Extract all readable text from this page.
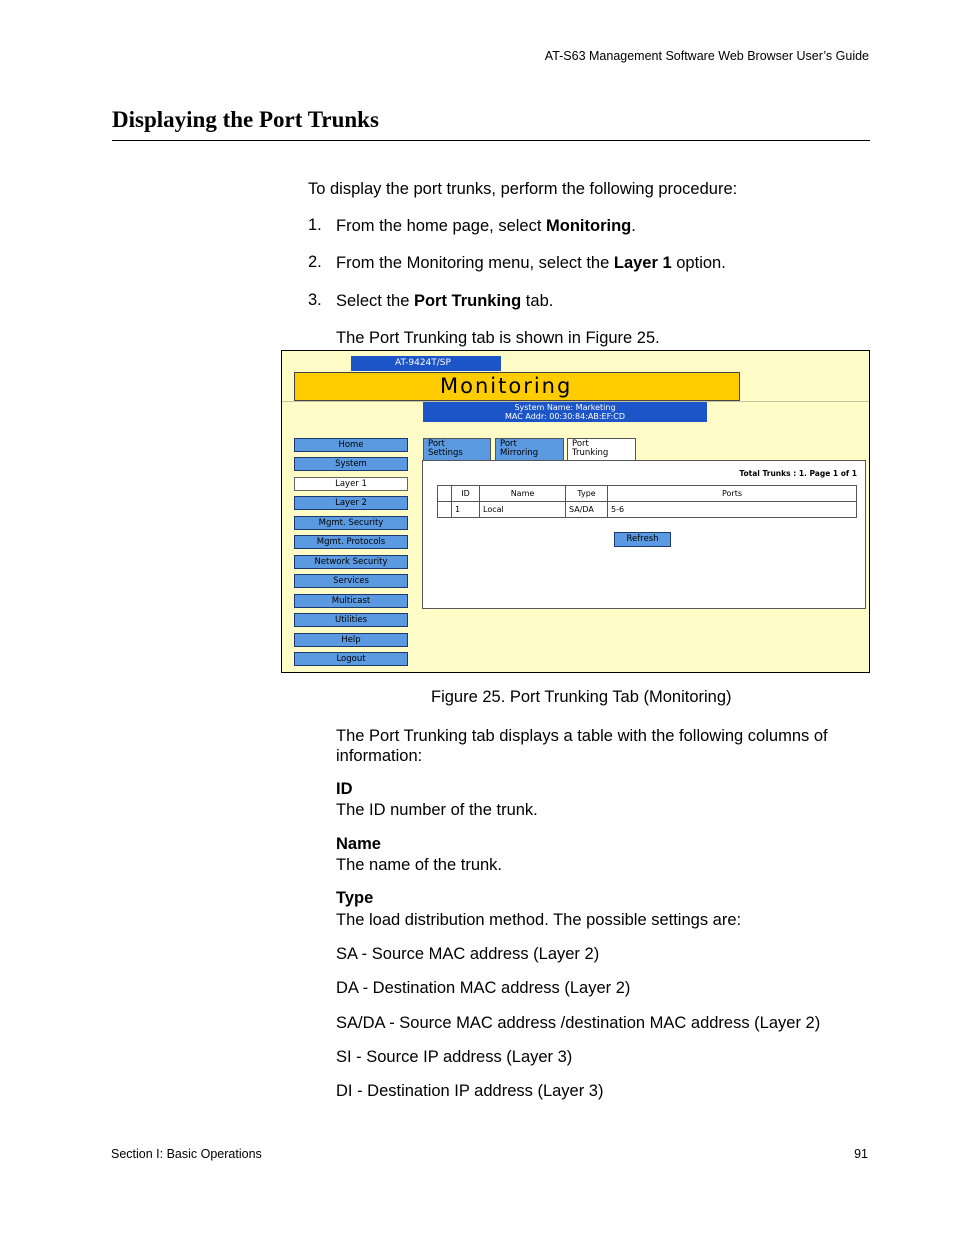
AT-S63 Management Software Web Browser User’s Guide
Displaying the Port Trunks
To display the port trunks, perform the following procedure:
1. From the home page, select Monitoring.
2. From the Monitoring menu, select the Layer 1 option.
3. Select the Port Trunking tab.
The Port Trunking tab is shown in Figure 25.
AT-9424T/SP
Monitoring
System Name: Marketing
MAC Addr: 00:30:84:AB:EF:CD
Home
System
Layer 1
Layer 2
Mgmt. Security
Mgmt. Protocols
Network Security
Services
Multicast
Utilities
Help
Logout
Port
Settings
Port
Mirroring
Port
Trunking
Total Trunks : 1. Page 1 of 1
	ID	Name	Type	Ports
	1	Local	SA/DA	5-6
Refresh
Figure 25. Port Trunking Tab (Monitoring)
The Port Trunking tab displays a table with the following columns of
information:
ID
The ID number of the trunk.
Name
The name of the trunk.
Type
The load distribution method. The possible settings are:
SA - Source MAC address (Layer 2)
DA - Destination MAC address (Layer 2)
SA/DA - Source MAC address /destination MAC address (Layer 2)
SI - Source IP address (Layer 3)
DI - Destination IP address (Layer 3)
Section I: Basic Operations	91
